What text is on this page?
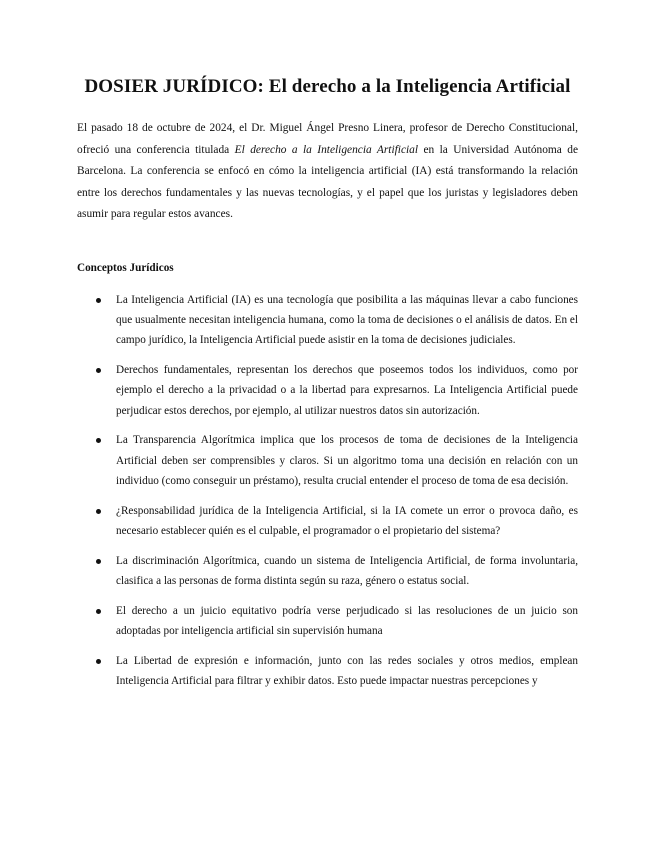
DOSIER JURÍDICO: El derecho a la Inteligencia Artificial

El pasado 18 de octubre de 2024, el Dr. Miguel Ángel Presno Linera, profesor de Derecho Constitucional, ofreció una conferencia titulada El derecho a la Inteligencia Artificial en la Universidad Autónoma de Barcelona. La conferencia se enfocó en cómo la inteligencia artificial (IA) está transformando la relación entre los derechos fundamentales y las nuevas tecnologías, y el papel que los juristas y legisladores deben asumir para regular estos avances.

Conceptos Jurídicos
La Inteligencia Artificial (IA) es una tecnología que posibilita a las máquinas llevar a cabo funciones que usualmente necesitan inteligencia humana, como la toma de decisiones o el análisis de datos. En el campo jurídico, la Inteligencia Artificial puede asistir en la toma de decisiones judiciales.
Derechos fundamentales, representan los derechos que poseemos todos los individuos, como por ejemplo el derecho a la privacidad o a la libertad para expresarnos. La Inteligencia Artificial puede perjudicar estos derechos, por ejemplo, al utilizar nuestros datos sin autorización.
La Transparencia Algorítmica implica que los procesos de toma de decisiones de la Inteligencia Artificial deben ser comprensibles y claros. Si un algoritmo toma una decisión en relación con un individuo (como conseguir un préstamo), resulta crucial entender el proceso de toma de esa decisión.
¿Responsabilidad jurídica de la Inteligencia Artificial, si la IA comete un error o provoca daño, es necesario establecer quién es el culpable, el programador o el propietario del sistema?
La discriminación Algorítmica, cuando un sistema de Inteligencia Artificial, de forma involuntaria, clasifica a las personas de forma distinta según su raza, género o estatus social.
El derecho a un juicio equitativo podría verse perjudicado si las resoluciones de un juicio son adoptadas por inteligencia artificial sin supervisión humana
La Libertad de expresión e información, junto con las redes sociales y otros medios, emplean Inteligencia Artificial para filtrar y exhibir datos. Esto puede impactar nuestras percepciones y
